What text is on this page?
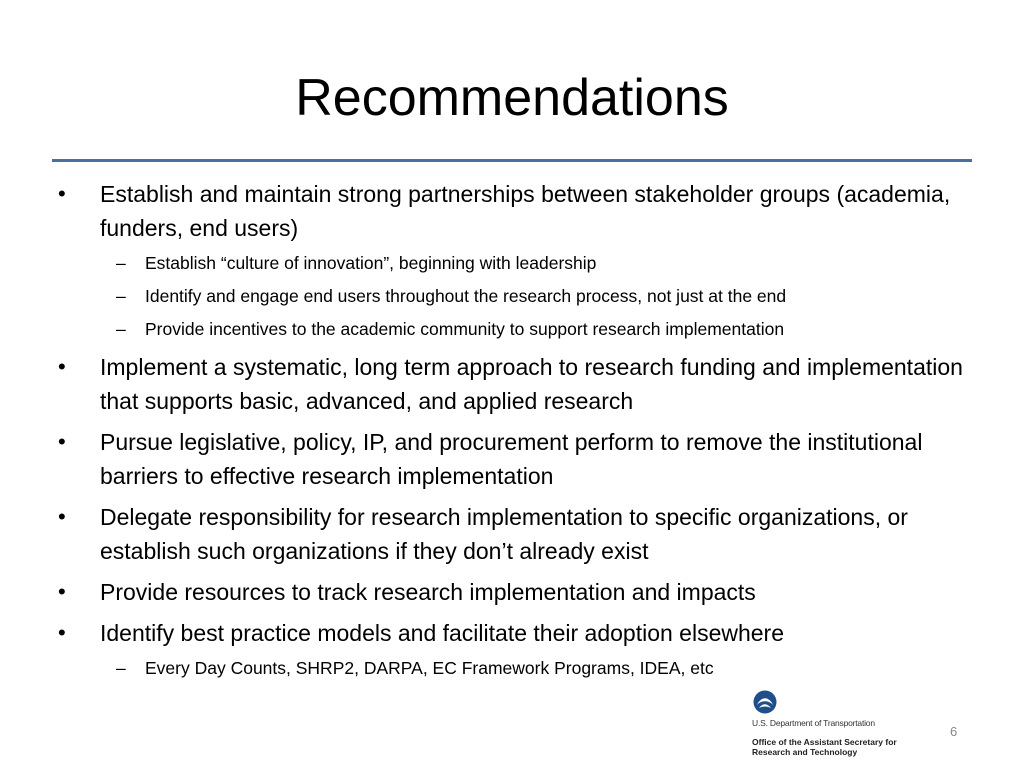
Recommendations
•	Establish and maintain strong partnerships between stakeholder groups (academia, funders, end users)
–	Establish “culture of innovation”, beginning with leadership
–	Identify and engage end users throughout the research process, not just at the end
–	Provide incentives to the academic community to support research implementation
•	Implement a systematic, long term approach to research funding and implementation that supports basic, advanced, and applied research
•	Pursue legislative, policy, IP, and procurement perform to remove the institutional barriers to effective research implementation
•	Delegate responsibility for research implementation to specific organizations, or establish such organizations if they don’t already exist
•	Provide resources to track research implementation and impacts
•	Identify best practice models and facilitate their adoption elsewhere
–	Every Day Counts, SHRP2, DARPA, EC Framework Programs, IDEA, etc
U.S. Department of Transportation
Office of the Assistant Secretary for
Research and Technology
6
